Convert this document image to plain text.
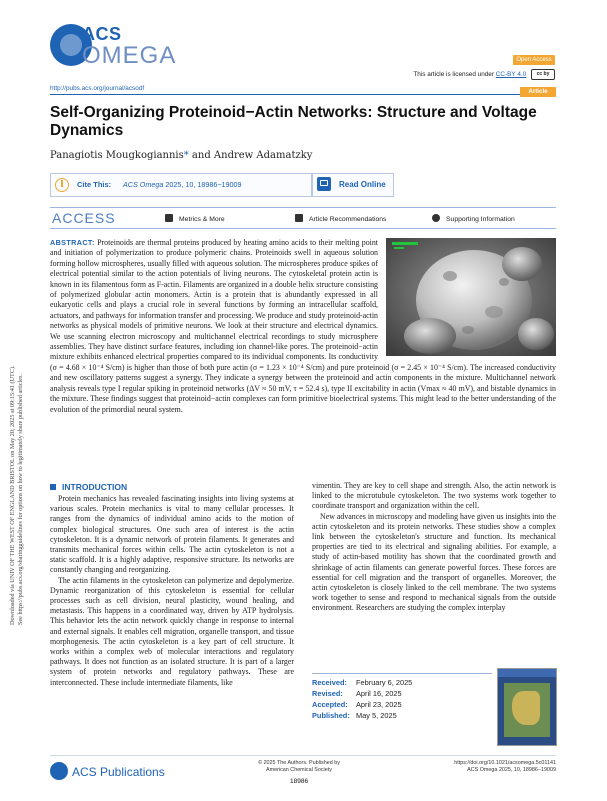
ACS
OMEGA	Open Access
This article is licensed under CC-BY 4.0 cc by
http://pubs.acs.org/journal/acsodf	Article
Self-Organizing Proteinoid−Actin Networks: Structure and Voltage Dynamics
Panagiotis Mougkogiannis* and Andrew Adamatzky
Cite This: ACS Omega 2025, 10, 18986−19009	Read Online
ACCESS	Metrics & More	Article Recommendations	Supporting Information
Downloaded via UNIV OF THE WEST OF ENGLAND BRISTOL on May 20, 2025 at 09:15:41 (UTC). See https://pubs.acs.org/sharingguidelines for options on how to legitimately share published articles.
ABSTRACT: Proteinoids are thermal proteins produced by heating amino acids to their melting point and initiation of polymerization to produce polymeric chains. Proteinoids swell in aqueous solution forming hollow microspheres, usually filled with aqueous solution. The microspheres produce spikes of electrical potential similar to the action potentials of living neurons. The cytoskeletal protein actin is known in its filamentous form as F-actin. Filaments are organized in a double helix structure consisting of polymerized globular actin monomers. Actin is a protein that is abundantly expressed in all eukaryotic cells and plays a crucial role in several functions by forming an intracellular scaffold, actuators, and pathways for information transfer and processing. We produce and study proteinoid-actin networks as physical models of primitive neurons. We look at their structure and electrical dynamics. We use scanning electron microscopy and multichannel electrical recordings to study microsphere assemblies. They have distinct surface features, including ion channel-like pores. The proteinoid−actin mixture exhibits enhanced electrical properties compared to its individual components. Its conductivity (σ = 4.68 × 10⁻⁴ S/cm) is higher than those of both pure actin (σ = 1.23 × 10⁻⁴ S/cm) and pure proteinoid (σ = 2.45 × 10⁻⁴ S/cm). The increased conductivity and new oscillatory patterns suggest a synergy. They indicate a synergy between the proteinoid and actin components in the mixture. Multichannel network analysis reveals type I regular spiking in proteinoid networks (ΔV ≈ 50 mV, τ = 52.4 s), type II excitability in actin (Vmax ≈ 40 mV), and bistable dynamics in the mixture. These findings suggest that proteinoid−actin complexes can form primitive bioelectrical systems. This might lead to the better understanding of the evolution of the primordial neural system.
INTRODUCTION

Protein mechanics has revealed fascinating insights into living systems at various scales. Protein mechanics is vital to many cellular processes. It ranges from the dynamics of individual amino acids to the motion of complex biological structures. One such area of interest is the actin cytoskeleton. It is a dynamic network of protein filaments. It generates and transmits mechanical forces within cells. The actin cytoskeleton is not a static scaffold. It is a highly adaptive, responsive structure. Its networks are constantly changing and reorganizing.

The actin filaments in the cytoskeleton can polymerize and depolymerize. Dynamic reorganization of this cytoskeleton is essential for cellular processes such as cell division, neural plasticity, wound healing, and metastasis. This happens in a coordinated way, driven by ATP hydrolysis. This behavior lets the actin network quickly change in response to internal and external signals. It enables cell migration, organelle transport, and tissue morphogenesis. The actin cytoskeleton is a key part of cell structure. It works within a complex web of molecular interactions and regulatory pathways. It does not function as an isolated structure. It is part of a larger system of protein networks and regulatory pathways. These are interconnected. These include intermediate filaments, like

vimentin. They are key to cell shape and strength. Also, the actin network is linked to the microtubule cytoskeleton. The two systems work together to coordinate transport and organization within the cell.

New advances in microscopy and modeling have given us insights into the actin cytoskeleton and its protein networks. These studies show a complex link between the cytoskeleton's structure and function. Its mechanical properties are tied to its electrical and signaling abilities. For example, a study of actin-based motility has shown that the coordinated growth and shrinkage of actin filaments can generate powerful forces. These forces are essential for cell migration and the transport of organelles. Moreover, the actin cytoskeleton is closely linked to the cell membrane. The two systems work together to sense and respond to mechanical signals from the outside environment. Researchers are studying the complex interplay

Received: February 6, 2025
Revised: April 16, 2025
Accepted: April 23, 2025
Published: May 5, 2025
ACS Publications
© 2025 The Authors. Published by
American Chemical Society
18986
https://doi.org/10.1021/acsomega.5c01141
ACS Omega 2025, 10, 18986−19009
